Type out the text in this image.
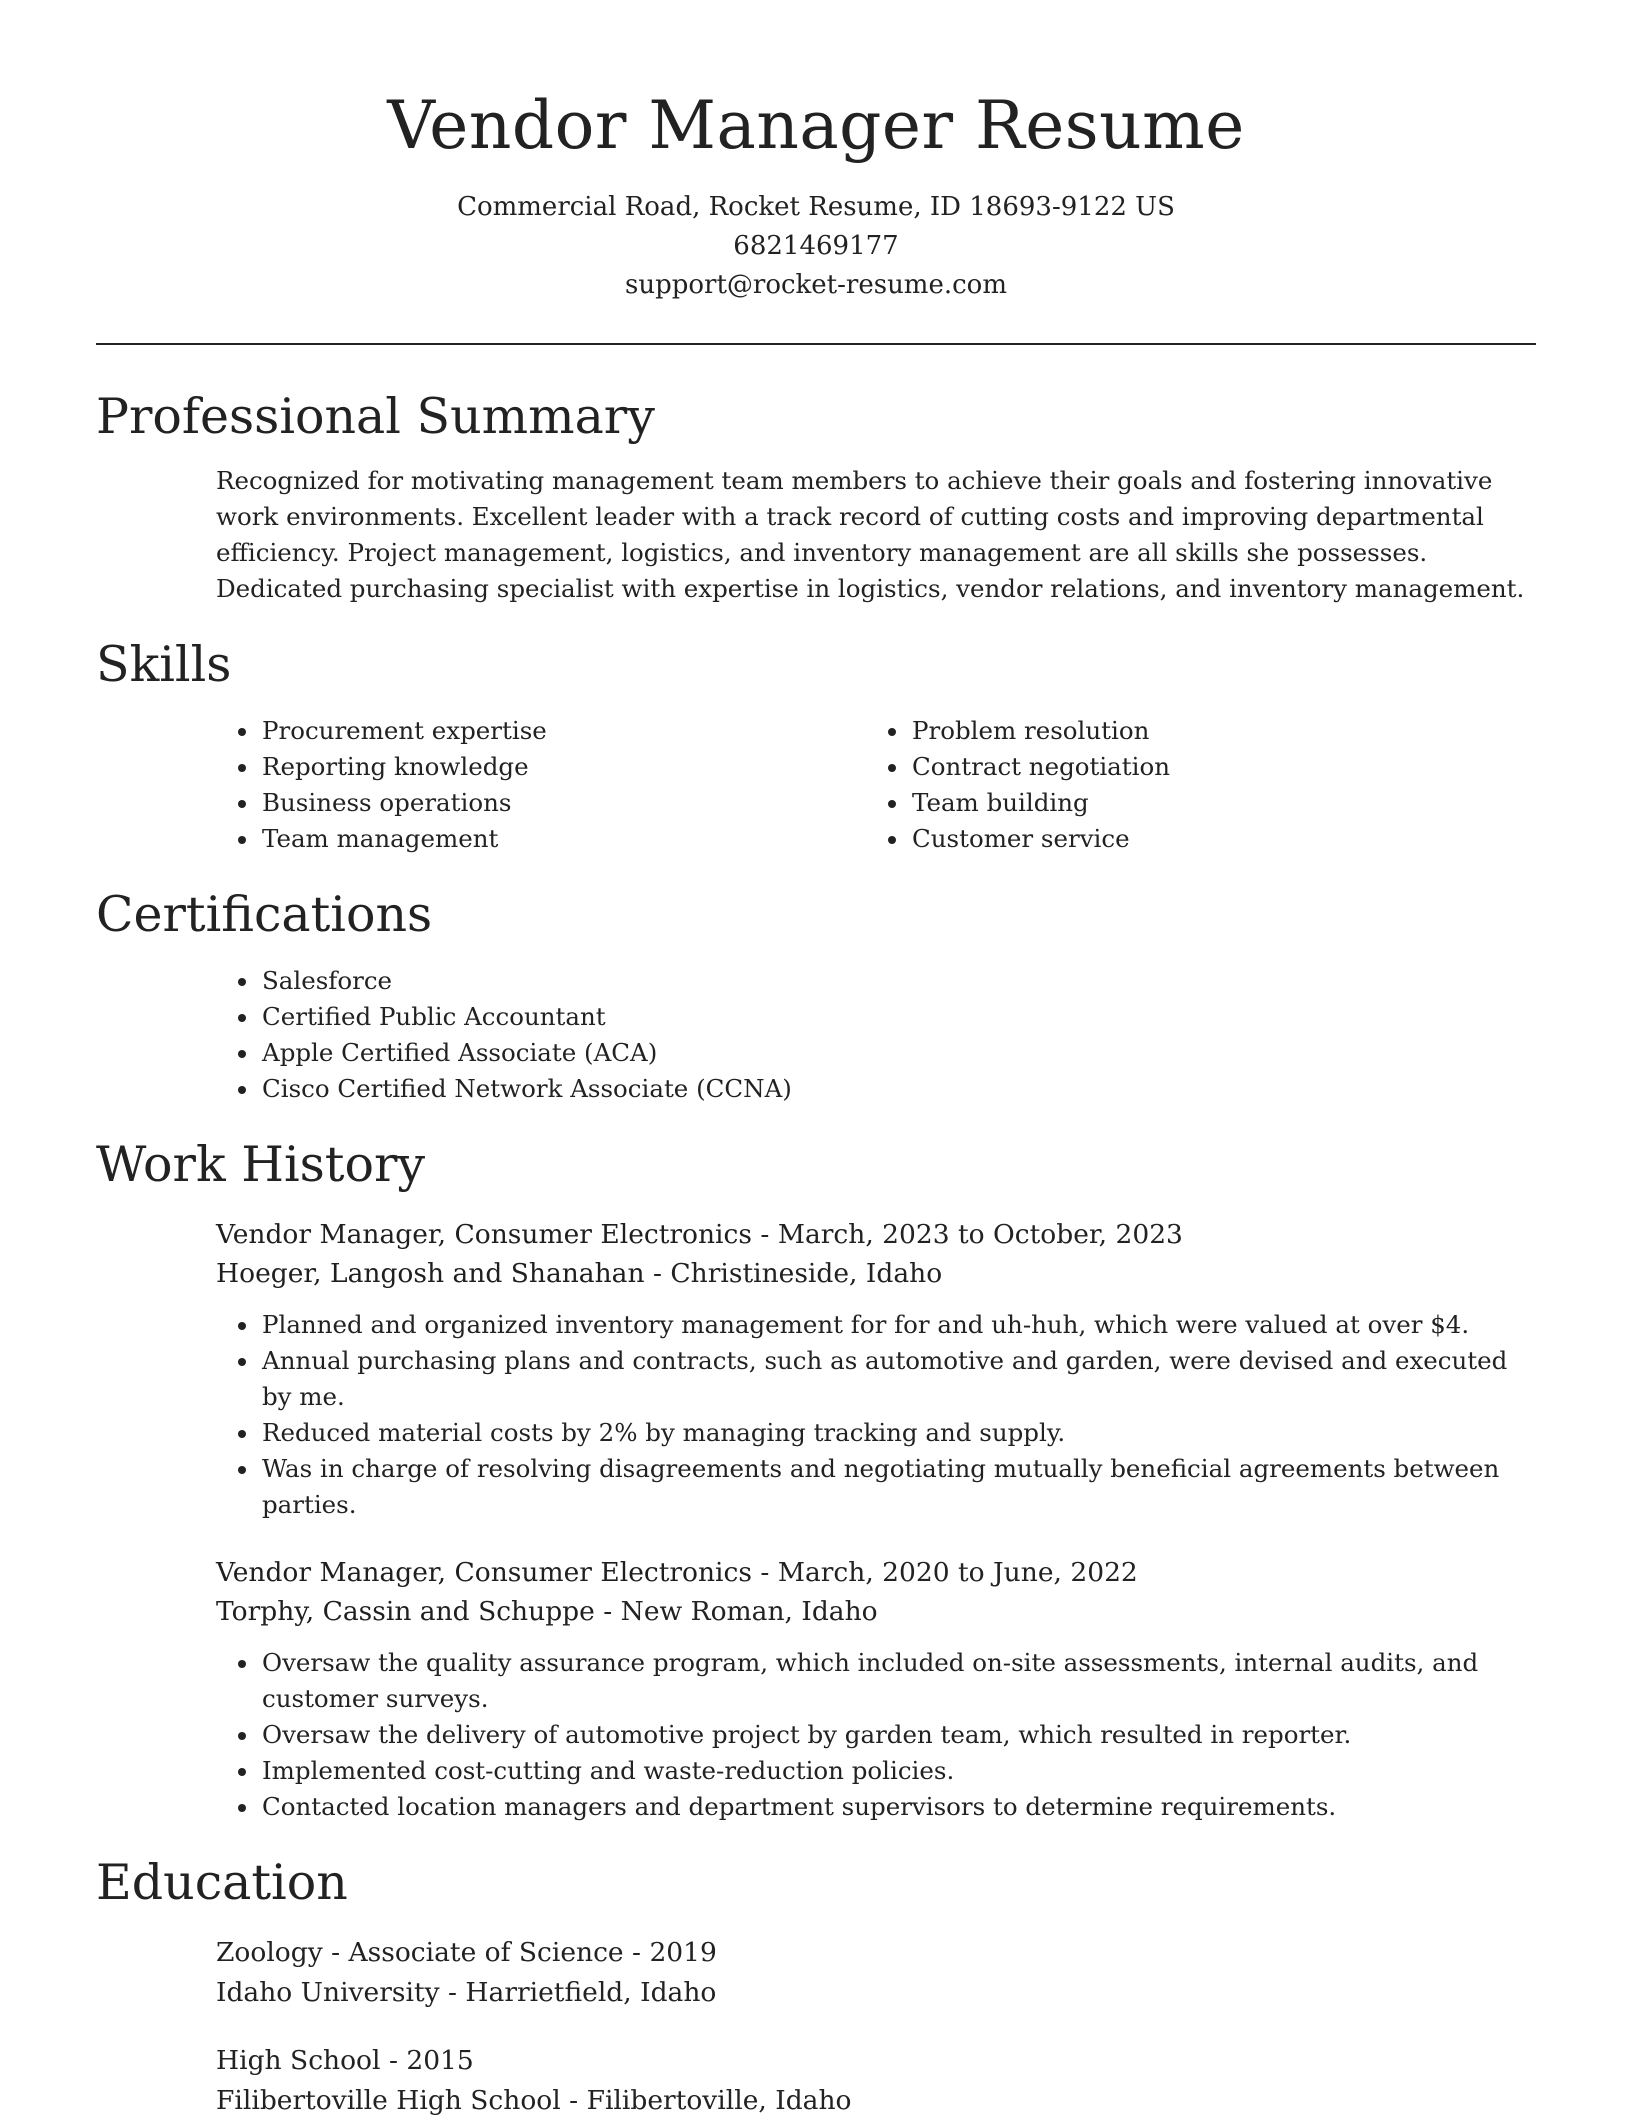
Vendor Manager Resume
Commercial Road, Rocket Resume, ID 18693-9122 US
6821469177
support@rocket-resume.com
Professional Summary

Recognized for motivating management team members to achieve their goals and fostering innovative work environments. Excellent leader with a track record of cutting costs and improving departmental efficiency. Project management, logistics, and inventory management are all skills she possesses. Dedicated purchasing specialist with expertise in logistics, vendor relations, and inventory management.

Skills
• Procurement expertise
• Reporting knowledge
• Business operations
• Team management
• Problem resolution
• Contract negotiation
• Team building
• Customer service
Certifications
• Salesforce
• Certified Public Accountant
• Apple Certified Associate (ACA)
• Cisco Certified Network Associate (CCNA)
Work History
Vendor Manager, Consumer Electronics - March, 2023 to October, 2023
Hoeger, Langosh and Shanahan - Christineside, Idaho
• Planned and organized inventory management for for and uh-huh, which were valued at over $4.
• Annual purchasing plans and contracts, such as automotive and garden, were devised and executed by me.
• Reduced material costs by 2% by managing tracking and supply.
• Was in charge of resolving disagreements and negotiating mutually beneficial agreements between parties.
Vendor Manager, Consumer Electronics - March, 2020 to June, 2022
Torphy, Cassin and Schuppe - New Roman, Idaho
• Oversaw the quality assurance program, which included on-site assessments, internal audits, and customer surveys.
• Oversaw the delivery of automotive project by garden team, which resulted in reporter.
• Implemented cost-cutting and waste-reduction policies.
• Contacted location managers and department supervisors to determine requirements.
Education
Zoology - Associate of Science - 2019
Idaho University - Harrietfield, Idaho
High School - 2015
Filibertoville High School - Filibertoville, Idaho
